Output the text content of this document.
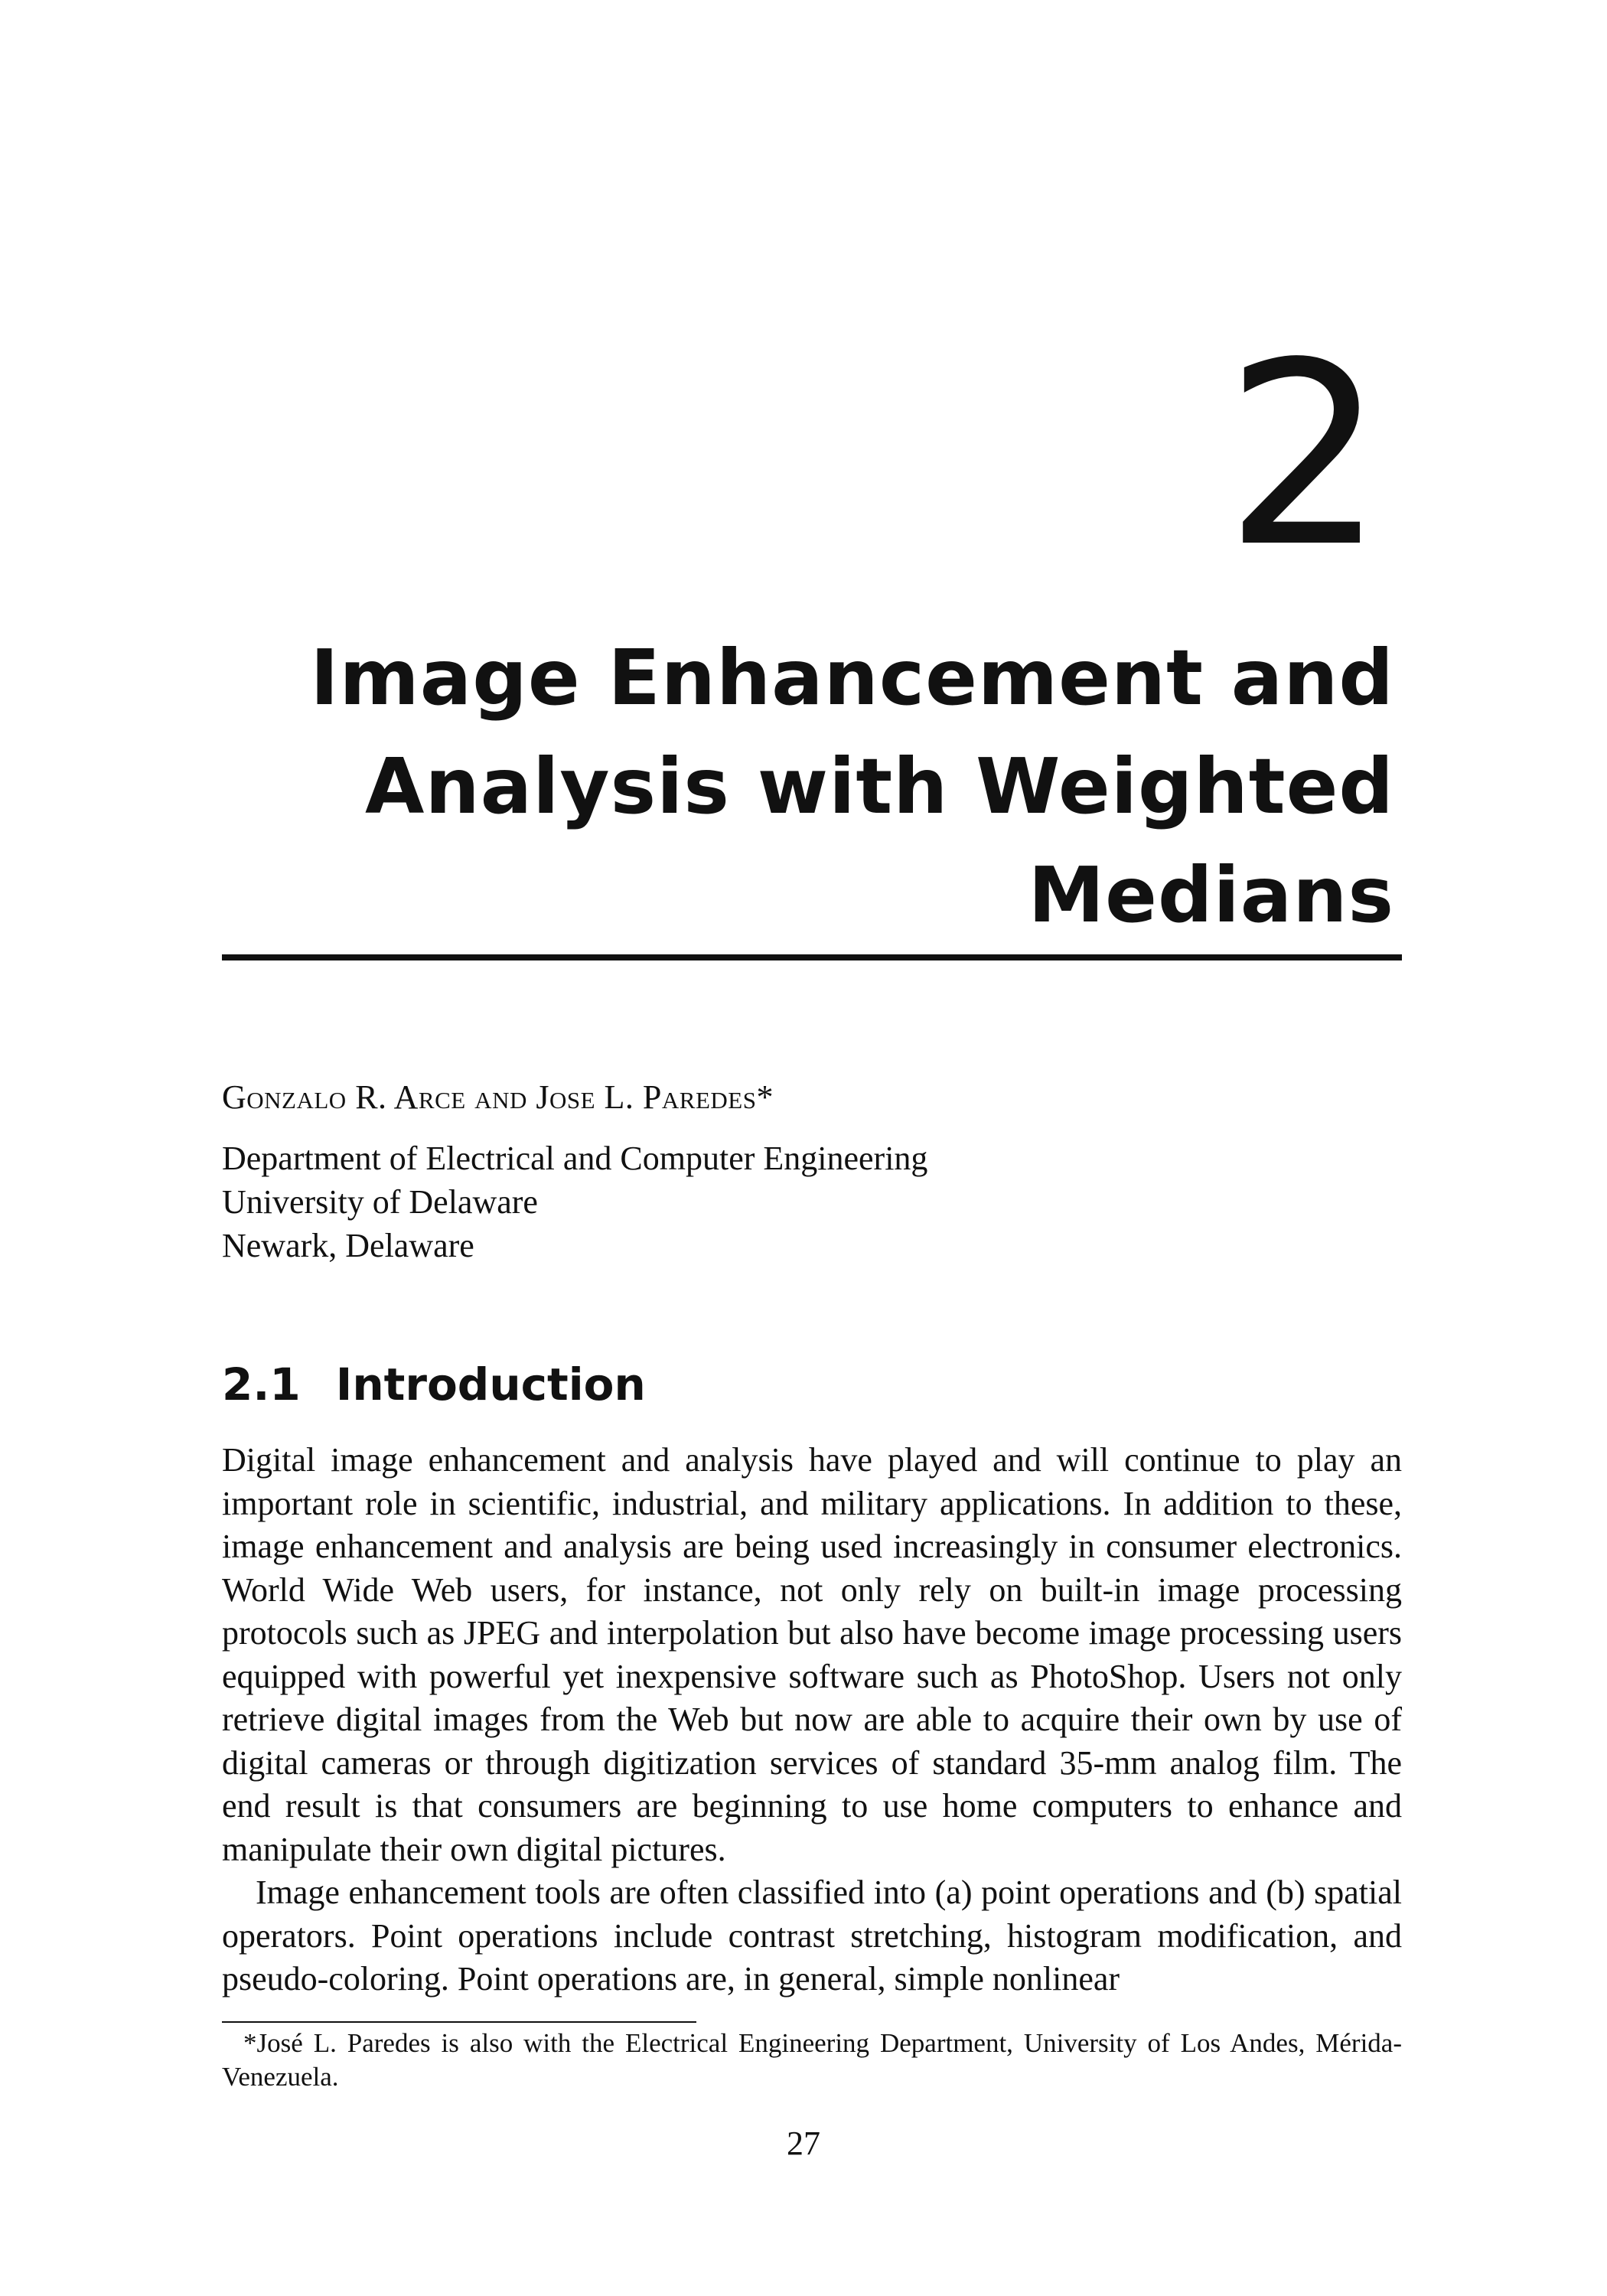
2
Image Enhancement and
Analysis with Weighted
Medians
Gonzalo R. Arce and Jose L. Paredes*
Department of Electrical and Computer Engineering
University of Delaware
Newark, Delaware
2.1 Introduction

Digital image enhancement and analysis have played and will continue to play an important role in scientific, industrial, and military applications. In addition to these, image enhancement and analysis are being used increasingly in consumer electronics. World Wide Web users, for instance, not only rely on built-in image processing protocols such as JPEG and interpolation but also have become image processing users equipped with powerful yet inexpensive software such as PhotoShop. Users not only retrieve digital images from the Web but now are able to acquire their own by use of digital cameras or through digitization services of standard 35-mm analog film. The end result is that consumers are beginning to use home computers to enhance and manipulate their own digital pictures.

Image enhancement tools are often classified into (a) point operations and (b) spatial operators. Point operations include contrast stretching, histogram modification, and pseudo-coloring. Point operations are, in general, simple nonlinear

*José L. Paredes is also with the Electrical Engineering Department, University of Los Andes, Mérida-Venezuela.
27
